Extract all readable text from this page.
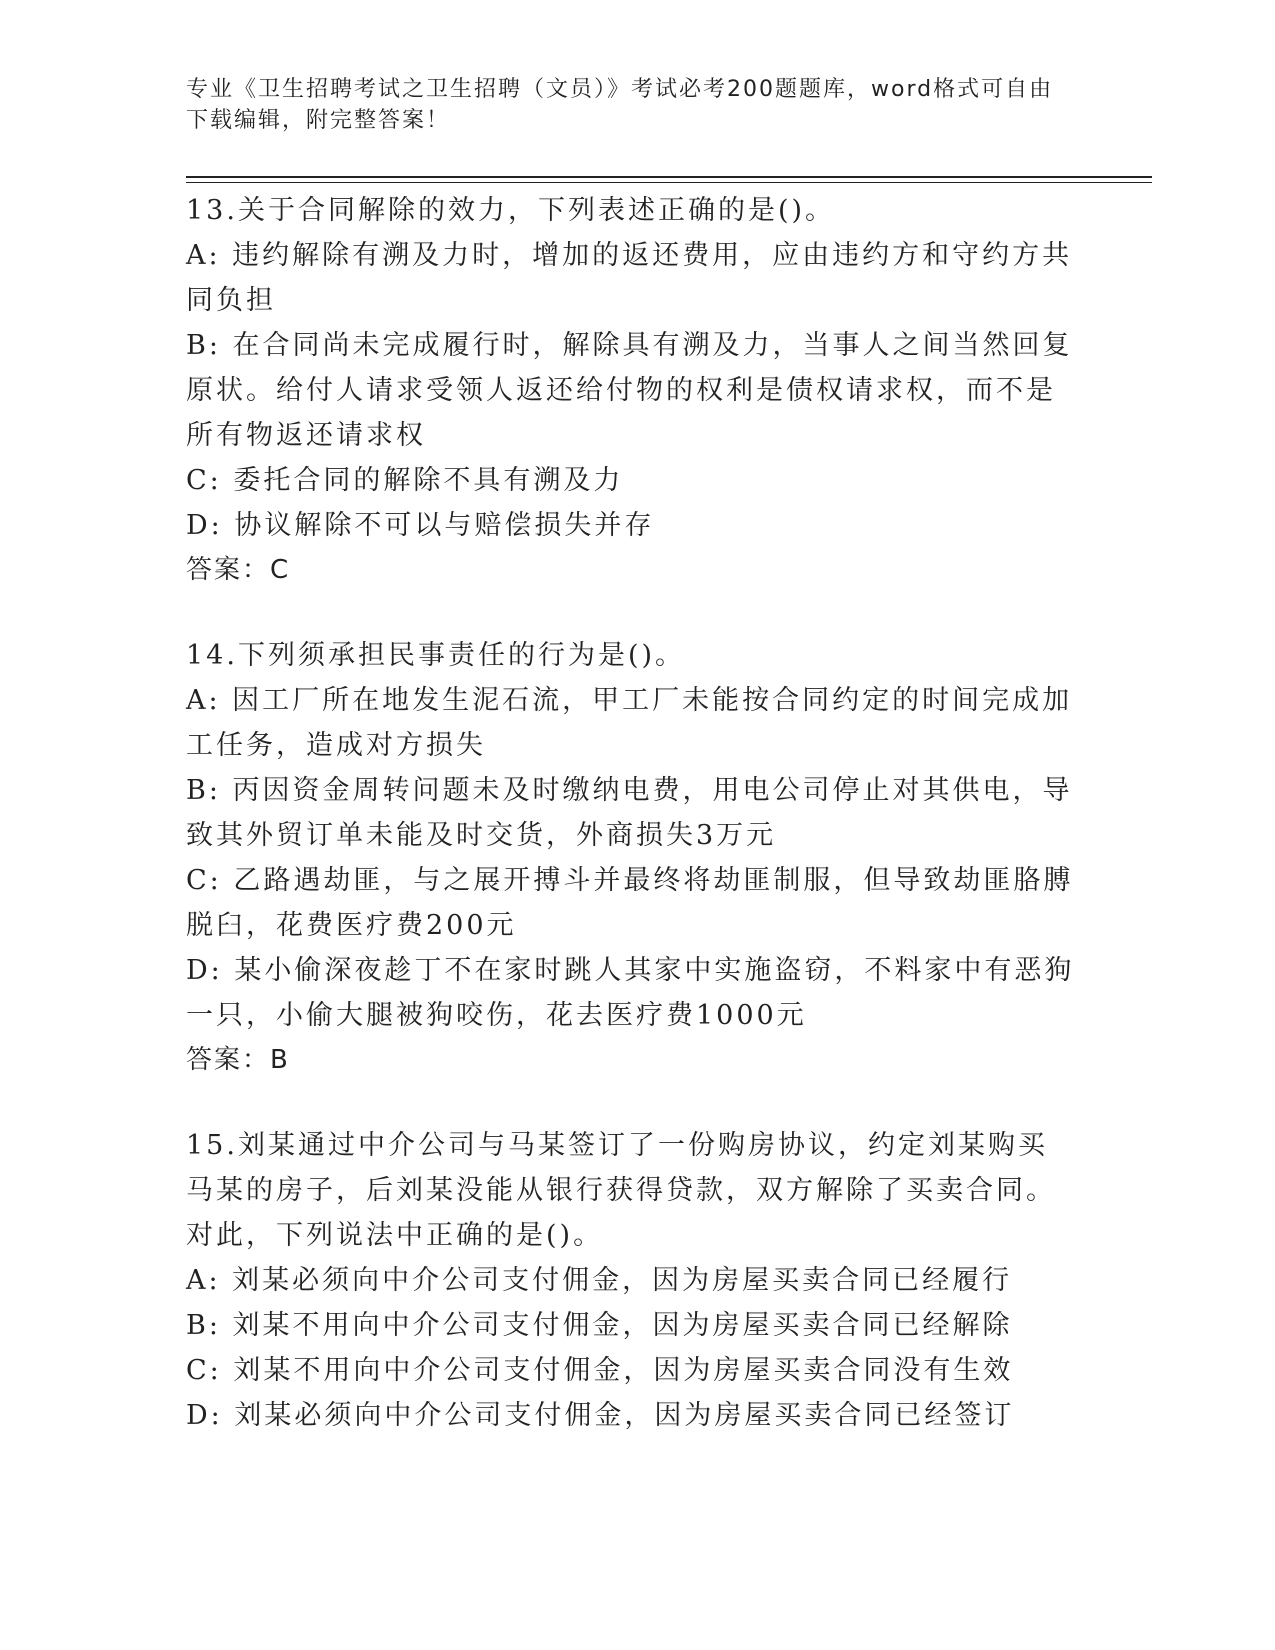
专业《卫生招聘考试之卫生招聘（文员）》考试必考200题题库，word格式可自由下载编辑，附完整答案！

13.关于合同解除的效力，下列表述正确的是()。

A: 违约解除有溯及力时，增加的返还费用，应由违约方和守约方共同负担

B: 在合同尚未完成履行时，解除具有溯及力，当事人之间当然回复原状。给付人请求受领人返还给付物的权利是债权请求权，而不是所有物返还请求权

C: 委托合同的解除不具有溯及力

D: 协议解除不可以与赔偿损失并存

答案：C

14.下列须承担民事责任的行为是()。

A: 因工厂所在地发生泥石流，甲工厂未能按合同约定的时间完成加工任务，造成对方损失

B: 丙因资金周转问题未及时缴纳电费，用电公司停止对其供电，导致其外贸订单未能及时交货，外商损失3万元

C: 乙路遇劫匪，与之展开搏斗并最终将劫匪制服，但导致劫匪胳膊脱臼，花费医疗费200元

D: 某小偷深夜趁丁不在家时跳人其家中实施盗窃，不料家中有恶狗一只，小偷大腿被狗咬伤，花去医疗费1000元

答案：B

15.刘某通过中介公司与马某签订了一份购房协议，约定刘某购买马某的房子，后刘某没能从银行获得贷款，双方解除了买卖合同。对此，下列说法中正确的是()。

A: 刘某必须向中介公司支付佣金，因为房屋买卖合同已经履行

B: 刘某不用向中介公司支付佣金，因为房屋买卖合同已经解除

C: 刘某不用向中介公司支付佣金，因为房屋买卖合同没有生效

D: 刘某必须向中介公司支付佣金，因为房屋买卖合同已经签订
